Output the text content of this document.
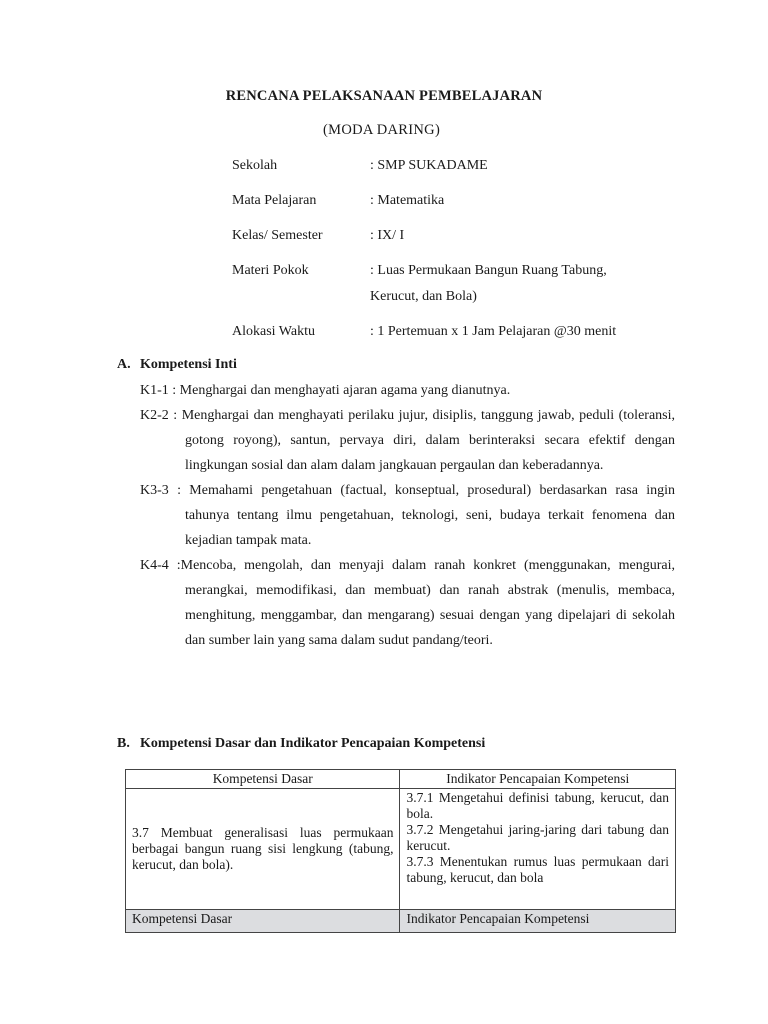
RENCANA PELAKSANAAN PEMBELAJARAN
(MODA DARING)
Sekolah	: SMP SUKADAME
Mata Pelajaran	: Matematika
Kelas/ Semester	: IX/ I
Materi Pokok	: Luas Permukaan Bangun Ruang Tabung,
Kerucut, dan Bola)
Alokasi Waktu	: 1 Pertemuan x 1 Jam Pelajaran @30 menit
A. Kompetensi Inti
K1-1 : Menghargai dan menghayati ajaran agama yang dianutnya.
K2-2 : Menghargai dan menghayati perilaku jujur, disiplis, tanggung jawab, peduli (toleransi, gotong royong), santun, pervaya diri, dalam berinteraksi secara efektif dengan lingkungan sosial dan alam dalam jangkauan pergaulan dan keberadannya.
K3-3 : Memahami pengetahuan (factual, konseptual, prosedural) berdasarkan rasa ingin tahunya tentang ilmu pengetahuan, teknologi, seni, budaya terkait fenomena dan kejadian tampak mata.
K4-4 :Mencoba, mengolah, dan menyaji dalam ranah konkret (menggunakan, mengurai, merangkai, memodifikasi, dan membuat) dan ranah abstrak (menulis, membaca, menghitung, menggambar, dan mengarang) sesuai dengan yang dipelajari di sekolah dan sumber lain yang sama dalam sudut pandang/teori.
B. Kompetensi Dasar dan Indikator Pencapaian Kompetensi
Kompetensi Dasar	Indikator Pencapaian Kompetensi

3.7 Membuat generalisasi luas permukaan berbagai bangun ruang sisi lengkung (tabung, kerucut, dan bola).	3.7.1 Mengetahui definisi tabung, kerucut, dan bola.
3.7.2 Mengetahui jaring-jaring dari tabung dan kerucut.
3.7.3 Menentukan rumus luas permukaan dari tabung, kerucut, dan bola

Kompetensi Dasar	Indikator Pencapaian Kompetensi
